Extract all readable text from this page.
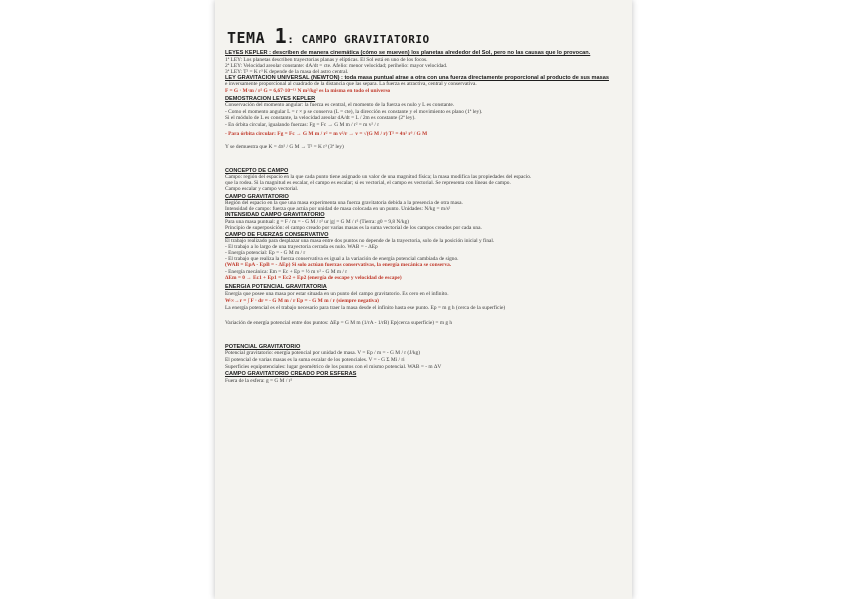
TEMA 1: CAMPO GRAVITATORIO
LEYES KEPLER : describen de manera cinemática (cómo se mueven) los planetas alrededor del Sol, pero no las causas que lo provocan.
1ª LEY: Los planetas describen trayectorias planas y elípticas. El Sol está en uno de los focos.
2ª LEY: Velocidad areolar constante: dA/dt = cte. Afelio: menor velocidad; perihelio: mayor velocidad.
3ª LEY: T² = K r³ K depende de la masa del astro central.
LEY GRAVITACIÓN UNIVERSAL (NEWTON) : toda masa puntual atrae a otra con una fuerza directamente proporcional al producto de sus masas
e inversamente proporcional al cuadrado de la distancia que las separa. La fuerza es atractiva, central y conservativa.
F = G · M·m / r² G = 6,67·10⁻¹¹ N m²/kg² es la misma en todo el universo
DEMOSTRACIÓN LEYES KEPLER
Conservación del momento angular: la fuerza es central, el momento de la fuerza es nulo y L es constante.
- Como el momento angular L = r × p se conserva (L = cte), la dirección es constante y el movimiento es plano (1ª ley).
Si el módulo de L es constante, la velocidad areolar dA/dt = L / 2m es constante (2ª ley).
- En órbita circular, igualando fuerzas: Fg = Fc → G M m / r² = m v² / r
- Para órbita circular: Fg = Fc → G M m / r² = m v²/r → v = √(G M / r) T² = 4π² r³ / G M
Y se demuestra que K = 4π² / G M → T² = K r³ (3ª ley)
CONCEPTO DE CAMPO
Campo: región del espacio en la que cada punto tiene asignado un valor de una magnitud física; la masa modifica las propiedades del espacio.
que la rodea. Si la magnitud es escalar, el campo es escalar; si es vectorial, el campo es vectorial. Se representa con líneas de campo.
Campo escalar y campo vectorial.
CAMPO GRAVITATORIO
Región del espacio en la que una masa experimenta una fuerza gravitatoria debida a la presencia de otra masa.
Intensidad de campo: fuerza que actúa por unidad de masa colocada en un punto. Unidades: N/kg = m/s²
INTENSIDAD CAMPO GRAVITATORIO
Para una masa puntual: g = F / m = - G M / r² ur |g| = G M / r² (Tierra: g0 = 9,8 N/kg)
Principio de superposición: el campo creado por varias masas es la suma vectorial de los campos creados por cada una.
CAMPO DE FUERZAS CONSERVATIVO
El trabajo realizado para desplazar una masa entre dos puntos no depende de la trayectoria, solo de la posición inicial y final.
- El trabajo a lo largo de una trayectoria cerrada es nulo. WAB = - ΔEp
- Energía potencial: Ep = - G M m / r
- El trabajo que realiza la fuerza conservativa es igual a la variación de energía potencial cambiada de signo.
(WAB = EpA - EpB = - ΔEp) Si solo actúan fuerzas conservativas, la energía mecánica se conserva.
- Energía mecánica: Em = Ec + Ep = ½ m v² - G M m / r
ΔEm = 0 → Ec1 + Ep1 = Ec2 + Ep2 (energía de escape y velocidad de escape)
ENERGÍA POTENCIAL GRAVITATORIA
Energía que posee una masa por estar situada en un punto del campo gravitatorio. Es cero en el infinito.
W∞→r = ∫ F · dr = - G M m / r Ep = - G M m / r (siempre negativa)
La energía potencial es el trabajo necesario para traer la masa desde el infinito hasta ese punto. Ep = m g h (cerca de la superficie)
Variación de energía potencial entre dos puntos: ΔEp = G M m (1/rA - 1/rB) Ep(cerca superficie) = m g h
POTENCIAL GRAVITATORIO
Potencial gravitatorio: energía potencial por unidad de masa. V = Ep / m = - G M / r (J/kg)
El potencial de varias masas es la suma escalar de los potenciales. V = - G Σ Mi / ri
Superficies equipotenciales: lugar geométrico de los puntos con el mismo potencial. WAB = - m ΔV
CAMPO GRAVITATORIO CREADO POR ESFERAS
Fuera de la esfera: g = G M / r²
